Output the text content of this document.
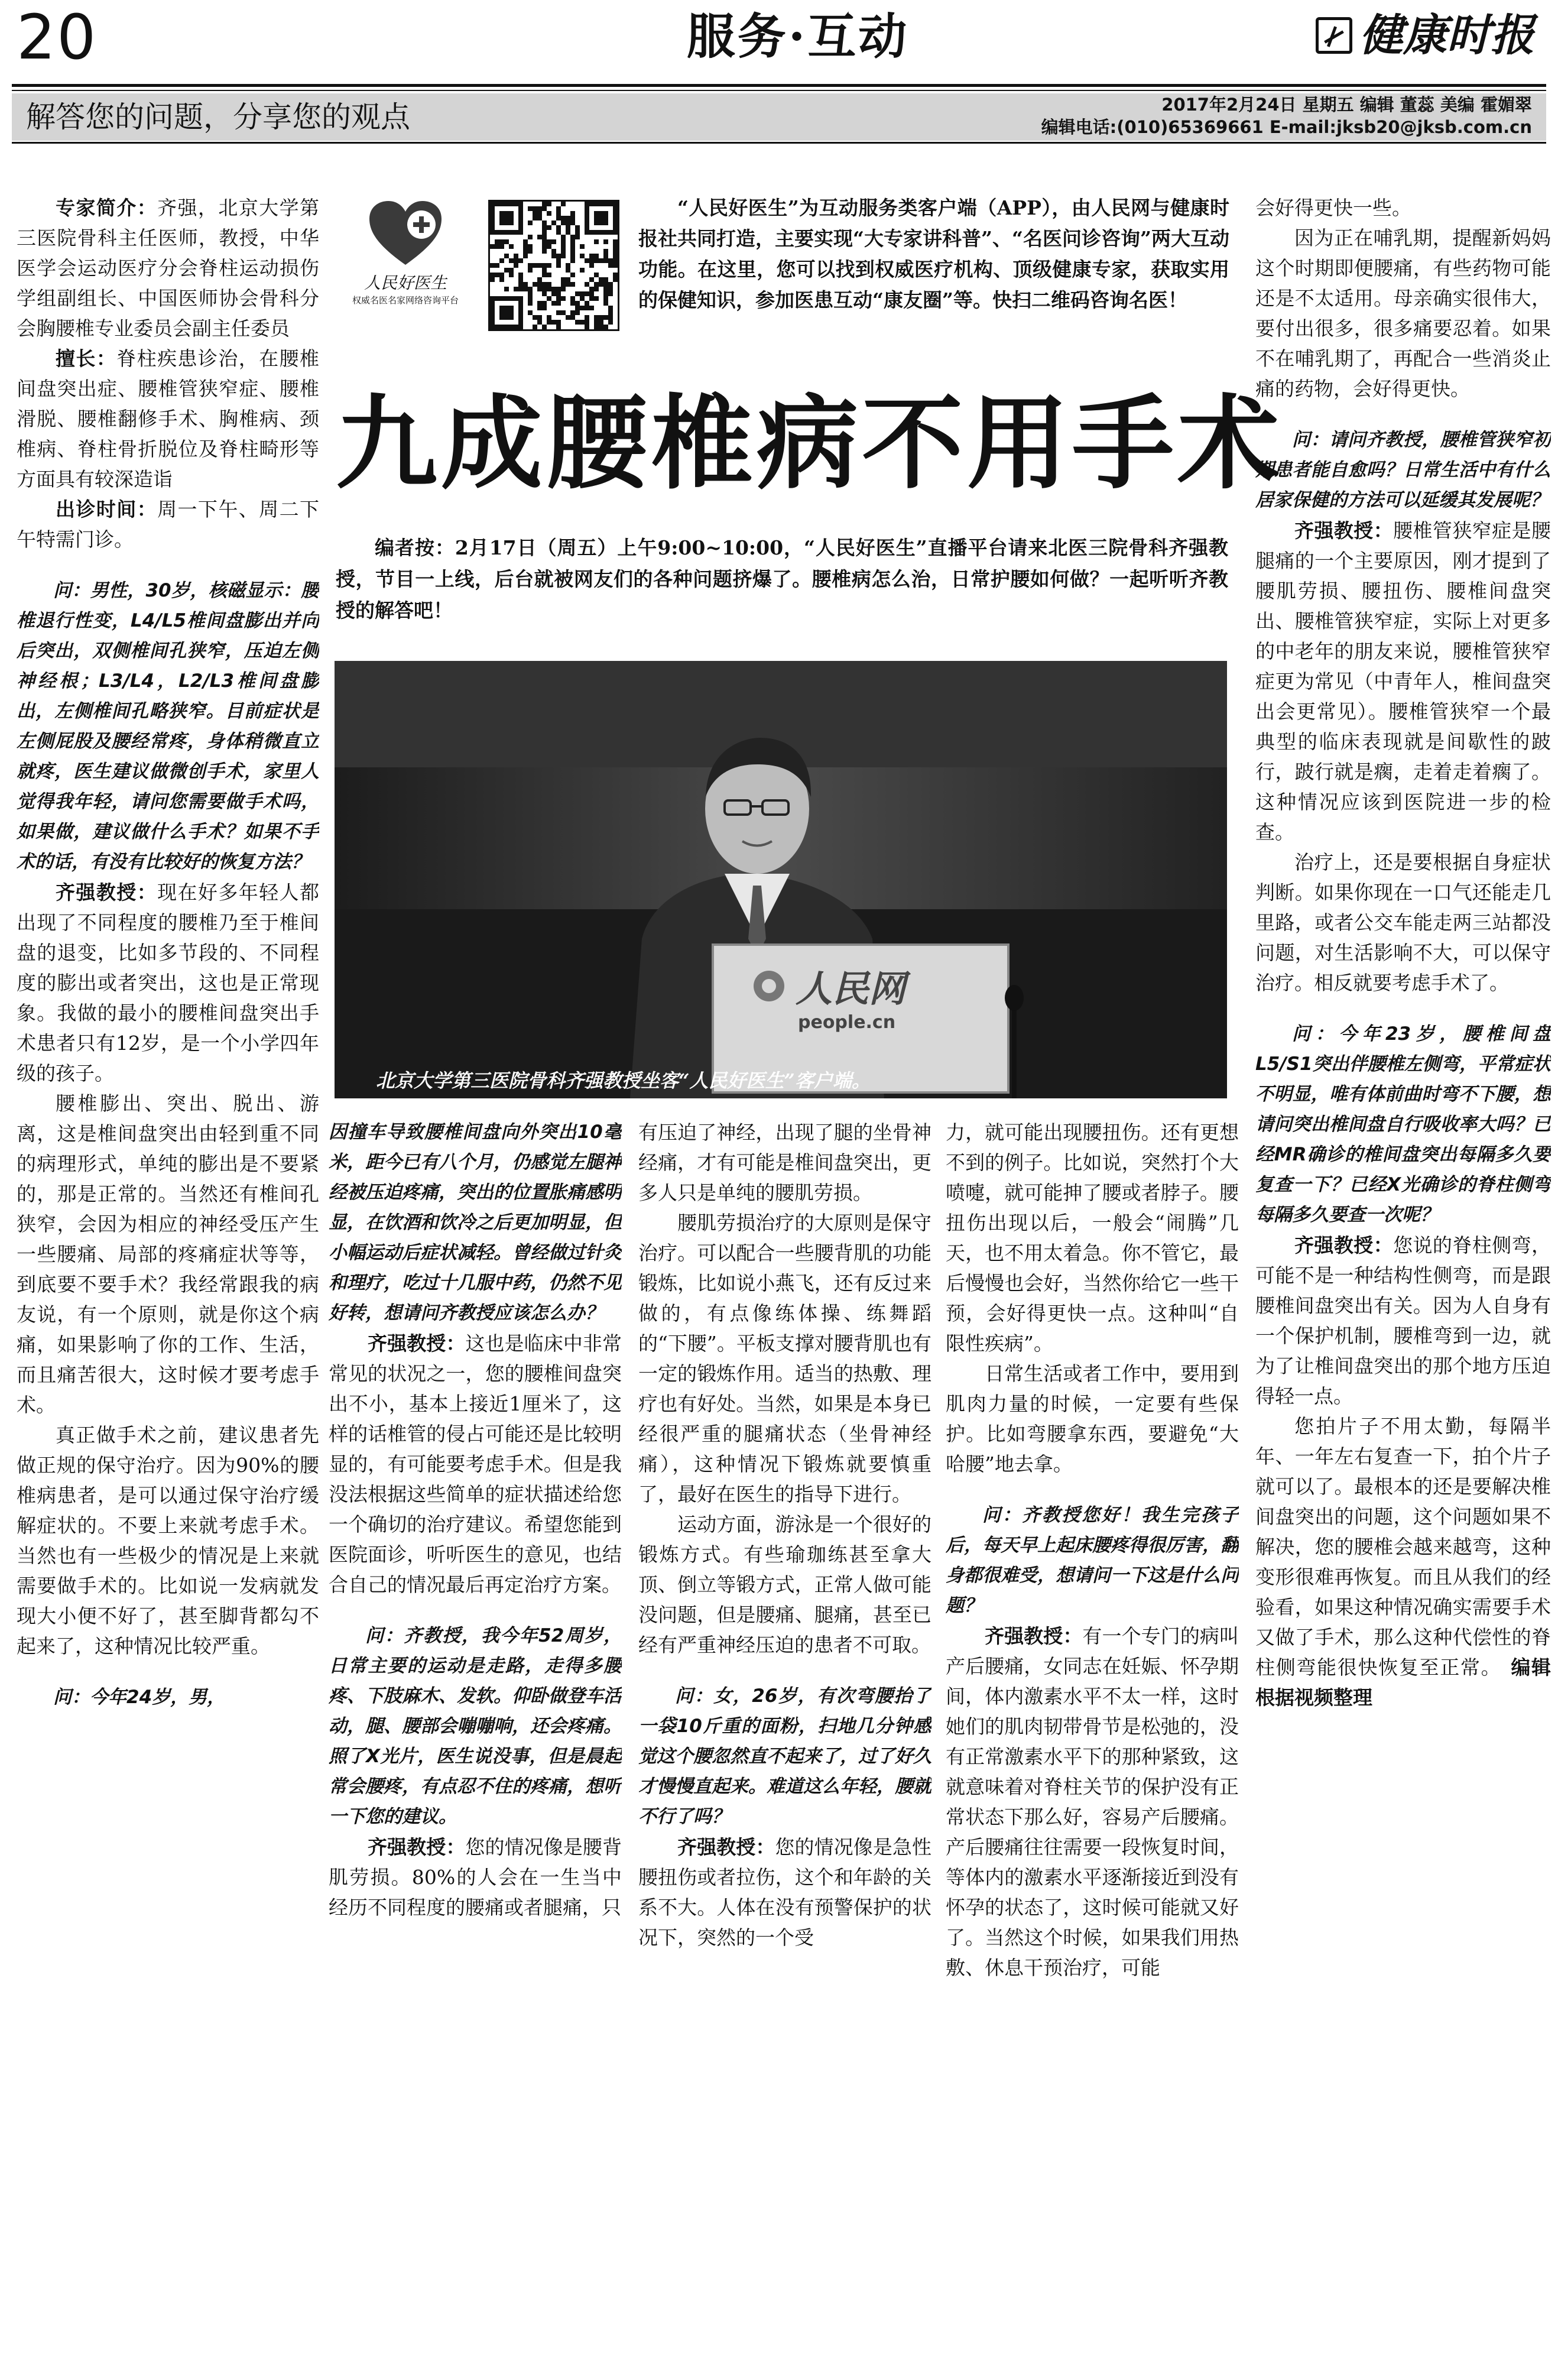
20	服务·互动	健康时报
解答您的问题，分享您的观点	2017年2月24日 星期五 编辑 董蕊 美编 霍媚翠
编辑电话:(010)65369661 E-mail:jksb20@jksb.com.cn
人民好医生
权威名医名家网络咨询平台
“人民好医生”为互动服务类客户端（APP），由人民网与健康时报社共同打造，主要实现“大专家讲科普”、“名医问诊咨询”两大互动功能。在这里，您可以找到权威医疗机构、顶级健康专家，获取实用的保健知识，参加医患互动“康友圈”等。快扫二维码咨询名医！
九成腰椎病不用手术
编者按：2月17日（周五）上午9:00~10:00，“人民好医生”直播平台请来北医三院骨科齐强教授，节目一上线，后台就被网友们的各种问题挤爆了。腰椎病怎么治，日常护腰如何做？一起听听齐教授的解答吧！
人民网
people.cn
北京大学第三医院骨科齐强教授坐客“人民好医生”客户端。

专家简介：齐强，北京大学第三医院骨科主任医师，教授，中华医学会运动医疗分会脊柱运动损伤学组副组长、中国医师协会骨科分会胸腰椎专业委员会副主任委员

擅长：脊柱疾患诊治，在腰椎间盘突出症、腰椎管狭窄症、腰椎滑脱、腰椎翻修手术、胸椎病、颈椎病、脊柱骨折脱位及脊柱畸形等方面具有较深造诣

出诊时间：周一下午、周二下午特需门诊。

问：男性，30岁，核磁显示：腰椎退行性变，L4/L5椎间盘膨出并向后突出，双侧椎间孔狭窄，压迫左侧神经根；L3/L4，L2/L3椎间盘膨出，左侧椎间孔略狭窄。目前症状是左侧屁股及腰经常疼，身体稍微直立就疼，医生建议做微创手术，家里人觉得我年轻，请问您需要做手术吗，如果做，建议做什么手术？如果不手术的话，有没有比较好的恢复方法？

齐强教授：现在好多年轻人都出现了不同程度的腰椎乃至于椎间盘的退变，比如多节段的、不同程度的膨出或者突出，这也是正常现象。我做的最小的腰椎间盘突出手术患者只有12岁，是一个小学四年级的孩子。

腰椎膨出、突出、脱出、游离，这是椎间盘突出由轻到重不同的病理形式，单纯的膨出是不要紧的，那是正常的。当然还有椎间孔狭窄，会因为相应的神经受压产生一些腰痛、局部的疼痛症状等等，到底要不要手术？我经常跟我的病友说，有一个原则，就是你这个病痛，如果影响了你的工作、生活，而且痛苦很大，这时候才要考虑手术。

真正做手术之前，建议患者先做正规的保守治疗。因为90%的腰椎病患者，是可以通过保守治疗缓解症状的。不要上来就考虑手术。当然也有一些极少的情况是上来就需要做手术的。比如说一发病就发现大小便不好了，甚至脚背都勾不起来了，这种情况比较严重。

问：今年24岁，男，

因撞车导致腰椎间盘向外突出10毫米，距今已有八个月，仍感觉左腿神经被压迫疼痛，突出的位置胀痛感明显，在饮酒和饮冷之后更加明显，但小幅运动后症状减轻。曾经做过针灸和理疗，吃过十几服中药，仍然不见好转，想请问齐教授应该怎么办？

齐强教授：这也是临床中非常常见的状况之一，您的腰椎间盘突出不小，基本上接近1厘米了，这样的话椎管的侵占可能还是比较明显的，有可能要考虑手术。但是我没法根据这些简单的症状描述给您一个确切的治疗建议。希望您能到医院面诊，听听医生的意见，也结合自己的情况最后再定治疗方案。

问：齐教授，我今年52周岁，日常主要的运动是走路，走得多腰疼、下肢麻木、发软。仰卧做登车活动，腿、腰部会嘣嘣响，还会疼痛。照了X光片，医生说没事，但是晨起常会腰疼，有点忍不住的疼痛，想听一下您的建议。

齐强教授：您的情况像是腰背肌劳损。80%的人会在一生当中经历不同程度的腰痛或者腿痛，只

有压迫了神经，出现了腿的坐骨神经痛，才有可能是椎间盘突出，更多人只是单纯的腰肌劳损。

腰肌劳损治疗的大原则是保守治疗。可以配合一些腰背肌的功能锻炼，比如说小燕飞，还有反过来做的，有点像练体操、练舞蹈的“下腰”。平板支撑对腰背肌也有一定的锻炼作用。适当的热敷、理疗也有好处。当然，如果是本身已经很严重的腿痛状态（坐骨神经痛），这种情况下锻炼就要慎重了，最好在医生的指导下进行。

运动方面，游泳是一个很好的锻炼方式。有些瑜珈练甚至拿大顶、倒立等锻方式，正常人做可能没问题，但是腰痛、腿痛，甚至已经有严重神经压迫的患者不可取。

问：女，26岁，有次弯腰抬了一袋10斤重的面粉，扫地几分钟感觉这个腰忽然直不起来了，过了好久才慢慢直起来。难道这么年轻，腰就不行了吗？

齐强教授：您的情况像是急性腰扭伤或者拉伤，这个和年龄的关系不大。人体在没有预警保护的状况下，突然的一个受

力，就可能出现腰扭伤。还有更想不到的例子。比如说，突然打个大喷嚏，就可能抻了腰或者脖子。腰扭伤出现以后，一般会“闹腾”几天，也不用太着急。你不管它，最后慢慢也会好，当然你给它一些干预，会好得更快一点。这种叫“自限性疾病”。

日常生活或者工作中，要用到肌肉力量的时候，一定要有些保护。比如弯腰拿东西，要避免“大哈腰”地去拿。

问：齐教授您好！我生完孩子后，每天早上起床腰疼得很厉害，翻身都很难受，想请问一下这是什么问题？

齐强教授：有一个专门的病叫产后腰痛，女同志在妊娠、怀孕期间，体内激素水平不太一样，这时她们的肌肉韧带骨节是松弛的，没有正常激素水平下的那种紧致，这就意味着对脊柱关节的保护没有正常状态下那么好，容易产后腰痛。产后腰痛往往需要一段恢复时间，等体内的激素水平逐渐接近到没有怀孕的状态了，这时候可能就又好了。当然这个时候，如果我们用热敷、休息干预治疗，可能

会好得更快一些。

因为正在哺乳期，提醒新妈妈这个时期即便腰痛，有些药物可能还是不太适用。母亲确实很伟大，要付出很多，很多痛要忍着。如果不在哺乳期了，再配合一些消炎止痛的药物，会好得更快。

问：请问齐教授，腰椎管狭窄初期患者能自愈吗？日常生活中有什么居家保健的方法可以延缓其发展呢？

齐强教授：腰椎管狭窄症是腰腿痛的一个主要原因，刚才提到了腰肌劳损、腰扭伤、腰椎间盘突出、腰椎管狭窄症，实际上对更多的中老年的朋友来说，腰椎管狭窄症更为常见（中青年人，椎间盘突出会更常见）。腰椎管狭窄一个最典型的临床表现就是间歇性的跛行，跛行就是瘸，走着走着瘸了。这种情况应该到医院进一步的检查。

治疗上，还是要根据自身症状判断。如果你现在一口气还能走几里路，或者公交车能走两三站都没问题，对生活影响不大，可以保守治疗。相反就要考虑手术了。

问：今年23岁，腰椎间盘L5/S1突出伴腰椎左侧弯，平常症状不明显，唯有体前曲时弯不下腰，想请问突出椎间盘自行吸收率大吗？已经MR确诊的椎间盘突出每隔多久要复查一下？已经X光确诊的脊柱侧弯每隔多久要查一次呢？

齐强教授：您说的脊柱侧弯，可能不是一种结构性侧弯，而是跟腰椎间盘突出有关。因为人自身有一个保护机制，腰椎弯到一边，就为了让椎间盘突出的那个地方压迫得轻一点。

您拍片子不用太勤，每隔半年、一年左右复查一下，拍个片子就可以了。最根本的还是要解决椎间盘突出的问题，这个问题如果不解决，您的腰椎会越来越弯，这种变形很难再恢复。而且从我们的经验看，如果这种情况确实需要手术又做了手术，那么这种代偿性的脊柱侧弯能很快恢复至正常。 编辑根据视频整理
